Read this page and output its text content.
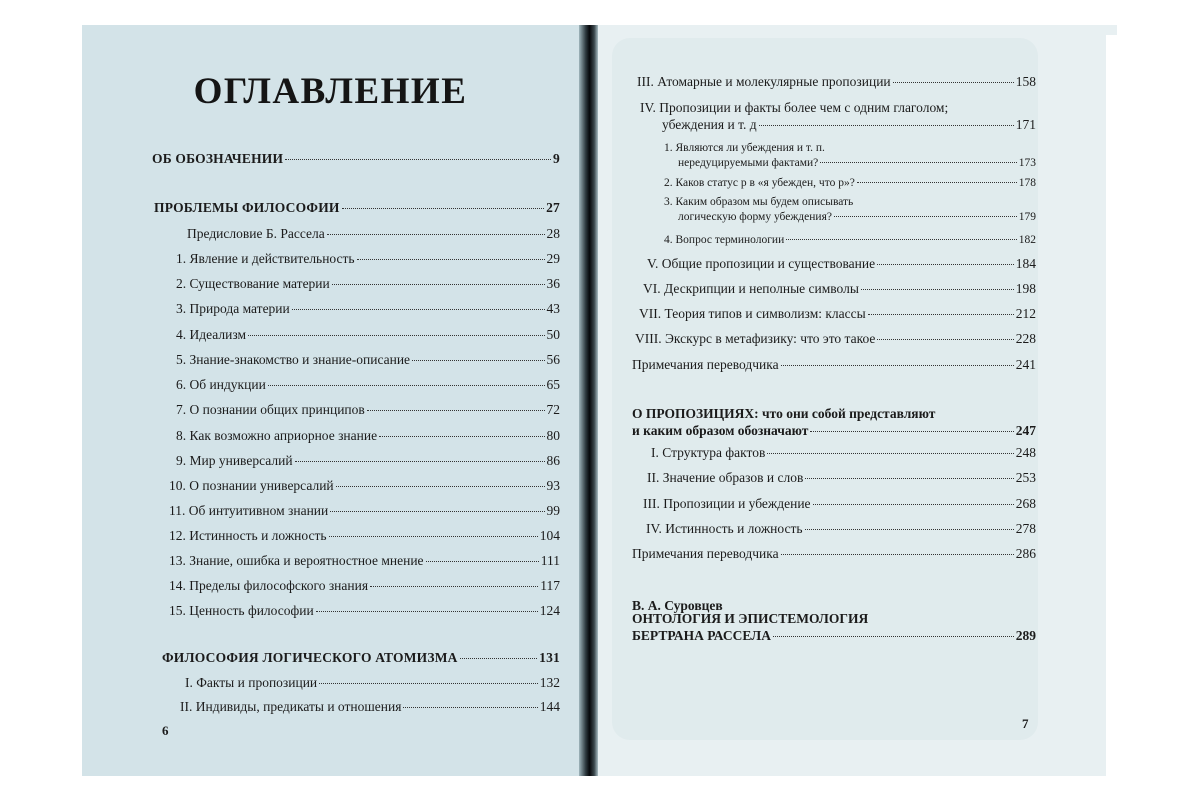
ОГЛАВЛЕНИЕ
ОБ ОБОЗНАЧЕНИИ	9
ПРОБЛЕМЫ ФИЛОСОФИИ	27
Предисловие Б. Рассела	28
1. Явление и действительность	29
2. Существование материи	36
3. Природа материи	43
4. Идеализм	50
5. Знание-знакомство и знание-описание	56
6. Об индукции	65
7. О познании общих принципов	72
8. Как возможно априорное знание	80
9. Мир универсалий	86
10. О познании универсалий	93
11. Об интуитивном знании	99
12. Истинность и ложность	104
13. Знание, ошибка и вероятностное мнение	111
14. Пределы философского знания	117
15. Ценность философии	124
ФИЛОСОФИЯ ЛОГИЧЕСКОГО АТОМИЗМА	131
I. Факты и пропозиции	132
II. Индивиды, предикаты и отношения	144
6
III. Атомарные и молекулярные пропозиции	158
IV. Пропозиции и факты более чем с одним глаголом;
убеждения и т. д	171
1. Являются ли убеждения и т. п.
нередуцируемыми фактами?	173
2. Каков статус p в «я убежден, что p»?	178
3. Каким образом мы будем описывать
логическую форму убеждения?	179
4. Вопрос терминологии	182
V. Общие пропозиции и существование	184
VI. Дескрипции и неполные символы	198
VII. Теория типов и символизм: классы	212
VIII. Экскурс в метафизику: что это такое	228
Примечания переводчика	241
О ПРОПОЗИЦИЯХ: что они собой представляют
и каким образом обозначают	247
I. Структура фактов	248
II. Значение образов и слов	253
III. Пропозиции и убеждение	268
IV. Истинность и ложность	278
Примечания переводчика	286
ОНТОЛОГИЯ И ЭПИСТЕМОЛОГИЯ
БЕРТРАНА РАССЕЛА	289
В. А. Суровцев
7
